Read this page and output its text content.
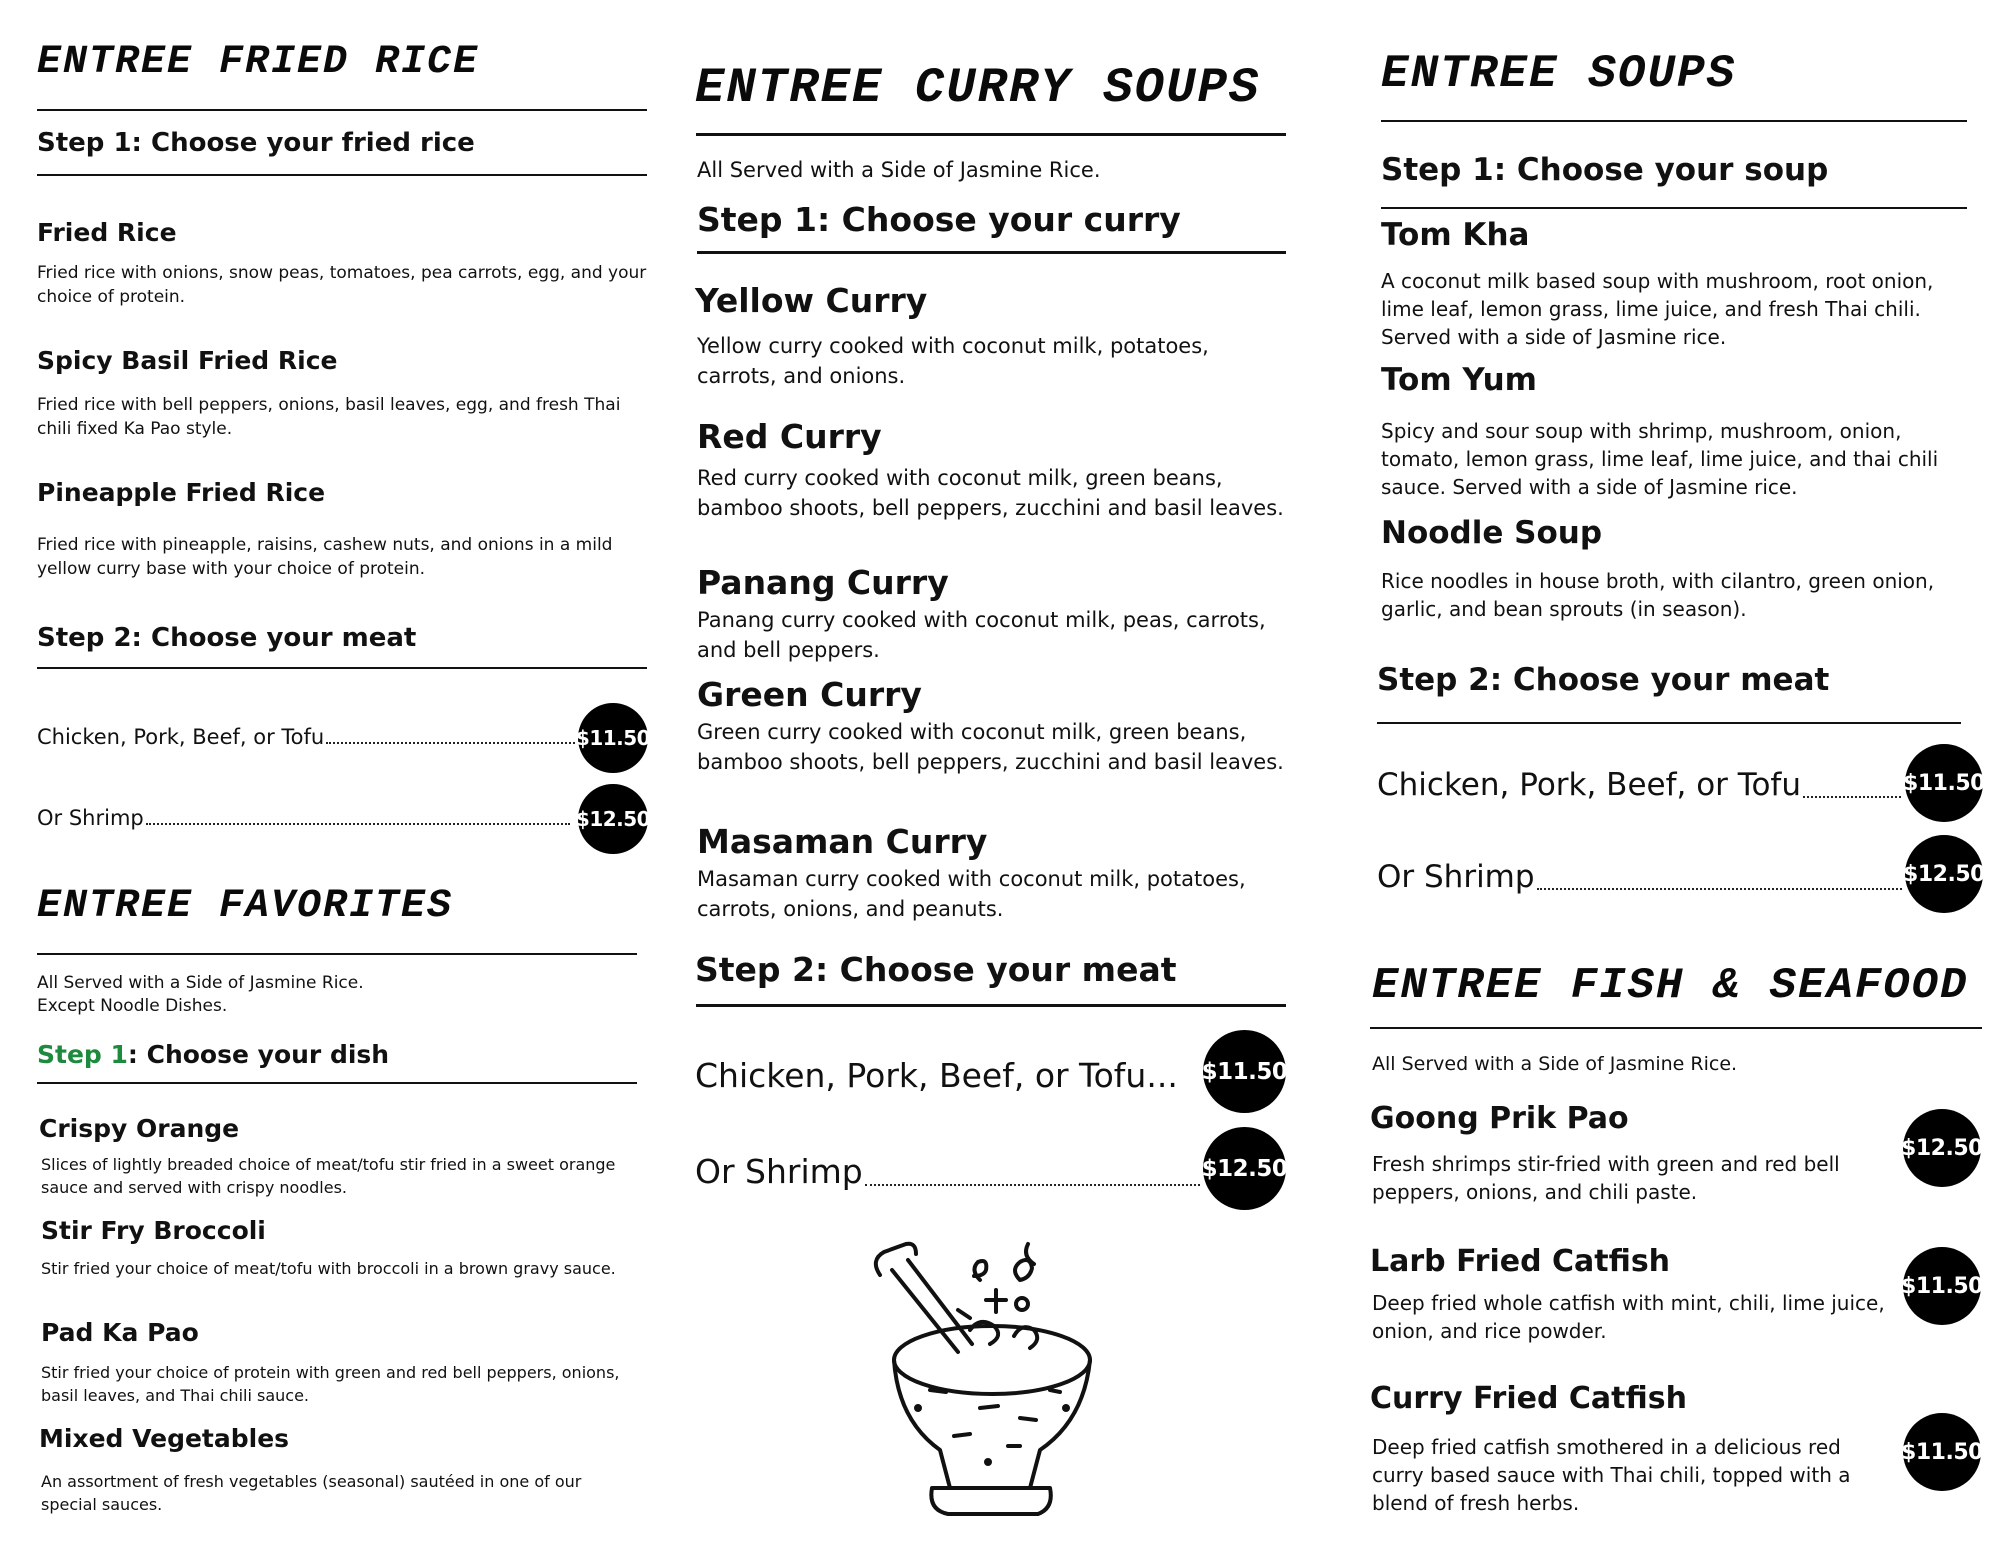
ENTREE FRIED RICE
Step 1: Choose your fried rice
Fried Rice
Fried rice with onions, snow peas, tomatoes, pea carrots, egg, and your choice of protein.
Spicy Basil Fried Rice
Fried rice with bell peppers, onions, basil leaves, egg, and fresh Thai chili fixed Ka Pao style.
Pineapple Fried Rice
Fried rice with pineapple, raisins, cashew nuts, and onions in a mild yellow curry base with your choice of protein.
Step 2: Choose your meat
Chicken, Pork, Beef, or Tofu	$11.50
Or Shrimp	$12.50
ENTREE FAVORITES
All Served with a Side of Jasmine Rice.
Except Noodle Dishes.
Step 1: Choose your dish
Crispy Orange
Slices of lightly breaded choice of meat/tofu stir fried in a sweet orange sauce and served with crispy noodles.
Stir Fry Broccoli
Stir fried your choice of meat/tofu with broccoli in a brown gravy sauce.
Pad Ka Pao
Stir fried your choice of protein with green and red bell peppers, onions, basil leaves, and Thai chili sauce.
Mixed Vegetables
An assortment of fresh vegetables (seasonal) sautéed in one of our special sauces.
ENTREE CURRY SOUPS
All Served with a Side of Jasmine Rice.
Step 1: Choose your curry
Yellow Curry
Yellow curry cooked with coconut milk, potatoes, carrots, and onions.
Red Curry
Red curry cooked with coconut milk, green beans, bamboo shoots, bell peppers, zucchini and basil leaves.
Panang Curry
Panang curry cooked with coconut milk, peas, carrots, and bell peppers.
Green Curry
Green curry cooked with coconut milk, green beans, bamboo shoots, bell peppers, zucchini and basil leaves.
Masaman Curry
Masaman curry cooked with coconut milk, potatoes, carrots, onions, and peanuts.
Step 2: Choose your meat
Chicken, Pork, Beef, or Tofu...	$11.50
Or Shrimp	$12.50
ENTREE SOUPS
Step 1: Choose your soup
Tom Kha
A coconut milk based soup with mushroom, root onion, lime leaf, lemon grass, lime juice, and fresh Thai chili. Served with a side of Jasmine rice.
Tom Yum
Spicy and sour soup with shrimp, mushroom, onion, tomato, lemon grass, lime leaf, lime juice, and thai chili sauce. Served with a side of Jasmine rice.
Noodle Soup
Rice noodles in house broth, with cilantro, green onion, garlic, and bean sprouts (in season).
Step 2: Choose your meat
Chicken, Pork, Beef, or Tofu	$11.50
Or Shrimp	$12.50
ENTREE FISH & SEAFOOD
All Served with a Side of Jasmine Rice.
Goong Prik Pao
Fresh shrimps stir-fried with green and red bell peppers, onions, and chili paste.
$12.50
Larb Fried Catfish
Deep fried whole catfish with mint, chili, lime juice, onion, and rice powder.
$11.50
Curry Fried Catfish
Deep fried catfish smothered in a delicious red curry based sauce with Thai chili, topped with a blend of fresh herbs.
$11.50
